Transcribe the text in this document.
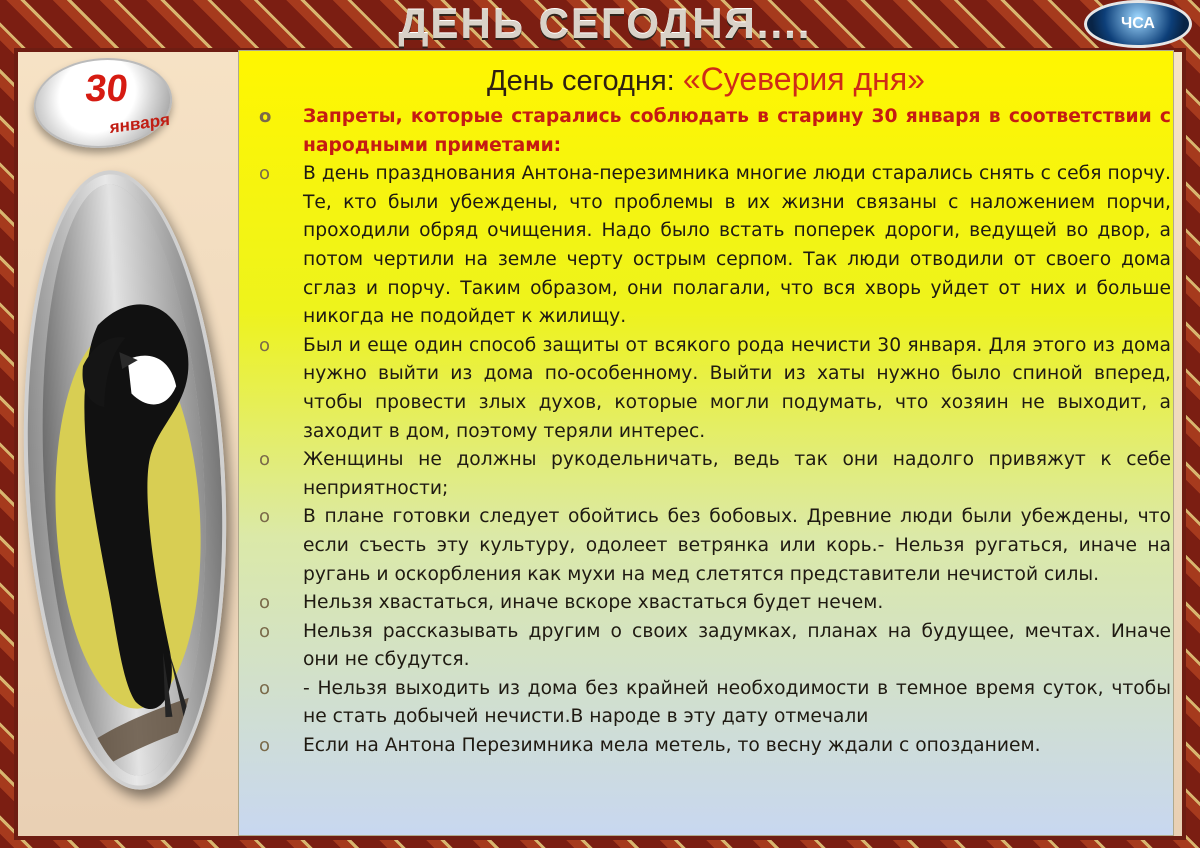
ДЕНЬ СЕГОДНЯ....	ЧСА
30
января
День сегодня: «Суеверия дня»

o Запреты, которые старались соблюдать в старину 30 января в соответствии с народными приметами:

o В день празднования Антона-перезимника многие люди старались снять с себя порчу. Те, кто были убеждены, что проблемы в их жизни связаны с наложением порчи, проходили обряд очищения. Надо было встать поперек дороги, ведущей во двор, а потом чертили на земле черту острым серпом. Так люди отводили от своего дома сглаз и порчу. Таким образом, они полагали, что вся хворь уйдет от них и больше никогда не подойдет к жилищу.

o Был и еще один способ защиты от всякого рода нечисти 30 января. Для этого из дома нужно выйти из дома по-особенному. Выйти из хаты нужно было спиной вперед, чтобы провести злых духов, которые могли подумать, что хозяин не выходит, а заходит в дом, поэтому теряли интерес.

o Женщины не должны рукодельничать, ведь так они надолго привяжут к себе неприятности;

o В плане готовки следует обойтись без бобовых. Древние люди были убеждены, что если съесть эту культуру, одолеет ветрянка или корь.- Нельзя ругаться, иначе на ругань и оскорбления как мухи на мед слетятся представители нечистой силы.

o Нельзя хвастаться, иначе вскоре хвастаться будет нечем.

o Нельзя рассказывать другим о своих задумках, планах на будущее, мечтах. Иначе они не сбудутся.

o - Нельзя выходить из дома без крайней необходимости в темное время суток, чтобы не стать добычей нечисти.В народе в эту дату отмечали

o Если на Антона Перезимника мела метель, то весну ждали с опозданием.
